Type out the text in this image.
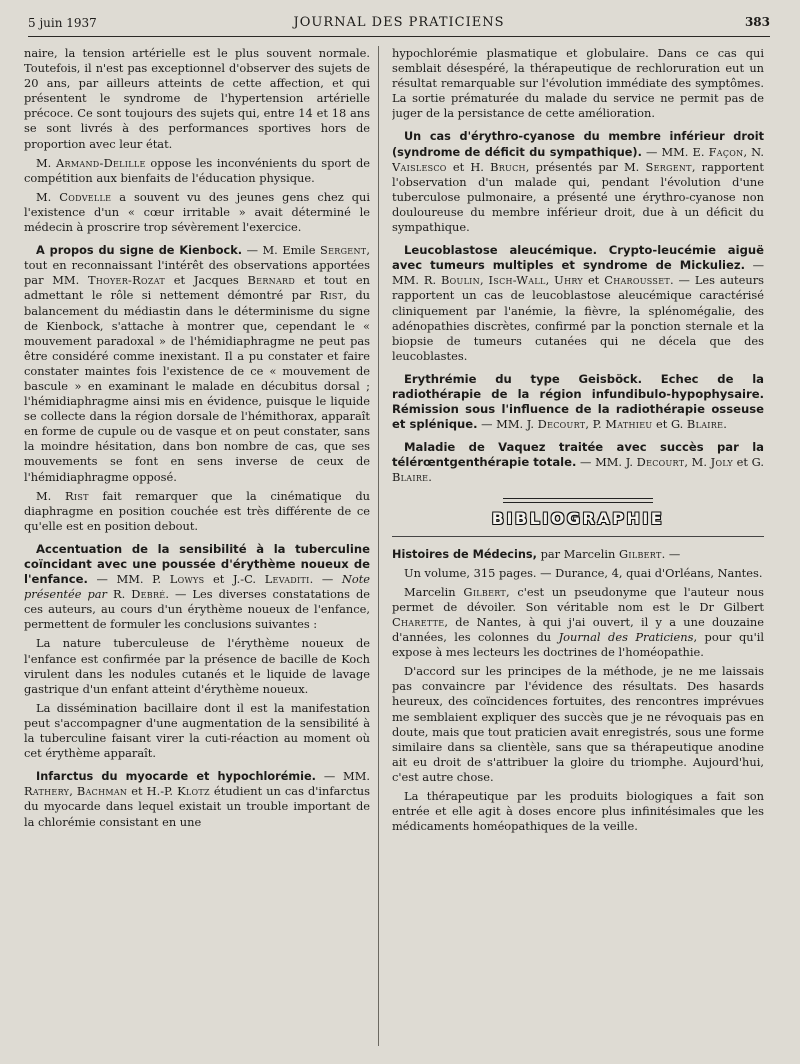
5 juin 1937	JOURNAL DES PRATICIENS	383

naire, la tension artérielle est le plus souvent normale. Toutefois, il n'est pas exceptionnel d'observer des sujets de 20 ans, par ailleurs atteints de cette affection, et qui présentent le syndrome de l'hypertension artérielle précoce. Ce sont toujours des sujets qui, entre 14 et 18 ans se sont livrés à des performances sportives hors de proportion avec leur état.

M. Armand-Delille oppose les inconvénients du sport de compétition aux bienfaits de l'éducation physique.

M. Codvelle a souvent vu des jeunes gens chez qui l'existence d'un « cœur irritable » avait déterminé le médecin à proscrire trop sévèrement l'exercice.

A propos du signe de Kienbock. — M. Emile Sergent, tout en reconnaissant l'intérêt des observations apportées par MM. Thoyer-Rozat et Jacques Bernard et tout en admettant le rôle si nettement démontré par Rist, du balancement du médiastin dans le déterminisme du signe de Kienbock, s'attache à montrer que, cependant le « mouvement paradoxal » de l'hémidiaphragme ne peut pas être considéré comme inexistant. Il a pu constater et faire constater maintes fois l'existence de ce « mouvement de bascule » en examinant le malade en décubitus dorsal ; l'hémidiaphragme ainsi mis en évidence, puisque le liquide se collecte dans la région dorsale de l'hémithorax, apparaît en forme de cupule ou de vasque et on peut constater, sans la moindre hésitation, dans bon nombre de cas, que ses mouvements se font en sens inverse de ceux de l'hémidiaphragme opposé.

M. Rist fait remarquer que la cinématique du diaphragme en position couchée est très différente de ce qu'elle est en position debout.

Accentuation de la sensibilité à la tuberculine coïncidant avec une poussée d'érythème noueux de l'enfance. — MM. P. Lowys et J.-C. Levaditi. — Note présentée par R. Debré. — Les diverses constatations de ces auteurs, au cours d'un érythème noueux de l'enfance, permettent de formuler les conclusions suivantes :

La nature tuberculeuse de l'érythème noueux de l'enfance est confirmée par la présence de bacille de Koch virulent dans les nodules cutanés et le liquide de lavage gastrique d'un enfant atteint d'érythème noueux.

La dissémination bacillaire dont il est la manifestation peut s'accompagner d'une augmentation de la sensibilité à la tuberculine faisant virer la cuti-réaction au moment où cet érythème apparaît.

Infarctus du myocarde et hypochlorémie. — MM. Rathery, Bachman et H.-P. Klotz étudient un cas d'infarctus du myocarde dans lequel existait un trouble important de la chlorémie consistant en une

hypochlorémie plasmatique et globulaire. Dans ce cas qui semblait désespéré, la thérapeutique de rechloruration eut un résultat remarquable sur l'évolution immédiate des symptômes. La sortie prématurée du malade du service ne permit pas de juger de la persistance de cette amélioration.

Un cas d'érythro-cyanose du membre inférieur droit (syndrome de déficit du sympathique). — MM. E. Façon, N. Vaislesco et H. Bruch, présentés par M. Sergent, rapportent l'observation d'un malade qui, pendant l'évolution d'une tuberculose pulmonaire, a présenté une érythro-cyanose non douloureuse du membre inférieur droit, due à un déficit du sympathique.

Leucoblastose aleucémique. Crypto-leucémie aiguë avec tumeurs multiples et syndrome de Mickuliez. — MM. R. Boulin, Isch-Wall, Uhry et Charousset. — Les auteurs rapportent un cas de leucoblastose aleucémique caractérisé cliniquement par l'anémie, la fièvre, la splénomégalie, des adénopathies discrètes, confirmé par la ponction sternale et la biopsie de tumeurs cutanées qui ne décela que des leucoblastes.

Erythrémie du type Geisböck. Echec de la radiothérapie de la région infundibulo-hypophysaire. Rémission sous l'influence de la radiothérapie osseuse et splénique. — MM. J. Decourt, P. Mathieu et G. Blaire.

Maladie de Vaquez traitée avec succès par la télérœntgenthérapie totale. — MM. J. Decourt, M. Joly et G. Blaire.

BIBLIOGRAPHIE

Histoires de Médecins, par Marcelin Gilbert. —

Un volume, 315 pages. — Durance, 4, quai d'Orléans, Nantes.

Marcelin Gilbert, c'est un pseudonyme que l'auteur nous permet de dévoiler. Son véritable nom est le Dr Gilbert Charette, de Nantes, à qui j'ai ouvert, il y a une douzaine d'années, les colonnes du Journal des Praticiens, pour qu'il expose à mes lecteurs les doctrines de l'homéopathie.

D'accord sur les principes de la méthode, je ne me laissais pas convaincre par l'évidence des résultats. Des hasards heureux, des coïncidences fortuites, des rencontres imprévues me semblaient expliquer des succès que je ne révoquais pas en doute, mais que tout praticien avait enregistrés, sous une forme similaire dans sa clientèle, sans que sa thérapeutique anodine ait eu droit de s'attribuer la gloire du triomphe. Aujourd'hui, c'est autre chose.

La thérapeutique par les produits biologiques a fait son entrée et elle agit à doses encore plus infinitésimales que les médicaments homéopathiques de la veille.
